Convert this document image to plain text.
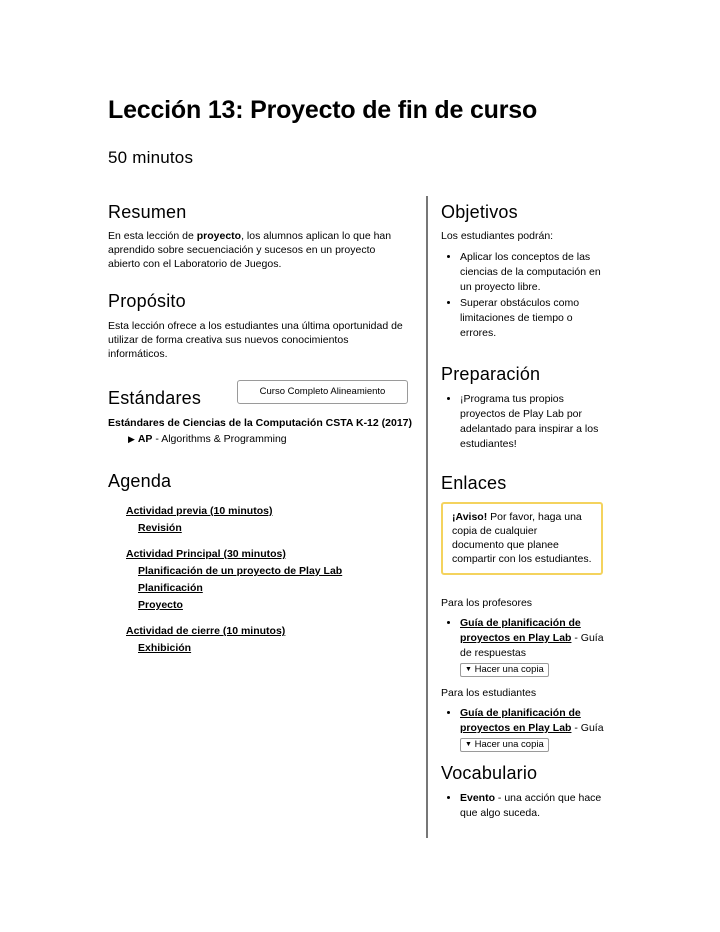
Lección 13: Proyecto de fin de curso
50 minutos
Resumen

En esta lección de proyecto, los alumnos aplican lo que han aprendido sobre secuenciación y sucesos en un proyecto abierto con el Laboratorio de Juegos.

Propósito

Esta lección ofrece a los estudiantes una última oportunidad de utilizar de forma creativa sus nuevos conocimientos informáticos.

Estándares	Curso Completo Alineamiento
Estándares de Ciencias de la Computación CSTA K-12 (2017)
▶ AP - Algorithms & Programming
Agenda
Actividad previa (10 minutos)
Revisión
Actividad Principal (30 minutos)
Planificación de un proyecto de Play Lab
Planificación
Proyecto
Actividad de cierre (10 minutos)
Exhibición
Objetivos

Los estudiantes podrán:

• Aplicar los conceptos de las ciencias de la computación en un proyecto libre.
• Superar obstáculos como limitaciones de tiempo o errores.
Preparación
• ¡Programa tus propios proyectos de Play Lab por adelantado para inspirar a los estudiantes!
Enlaces
¡Aviso! Por favor, haga una copia de cualquier documento que planee compartir con los estudiantes.

Para los profesores

• Guía de planificación de proyectos en Play Lab - Guía de respuestas
▼ Hacer una copia

Para los estudiantes

• Guía de planificación de proyectos en Play Lab - Guía
▼ Hacer una copia
Vocabulario
• Evento - una acción que hace que algo suceda.
